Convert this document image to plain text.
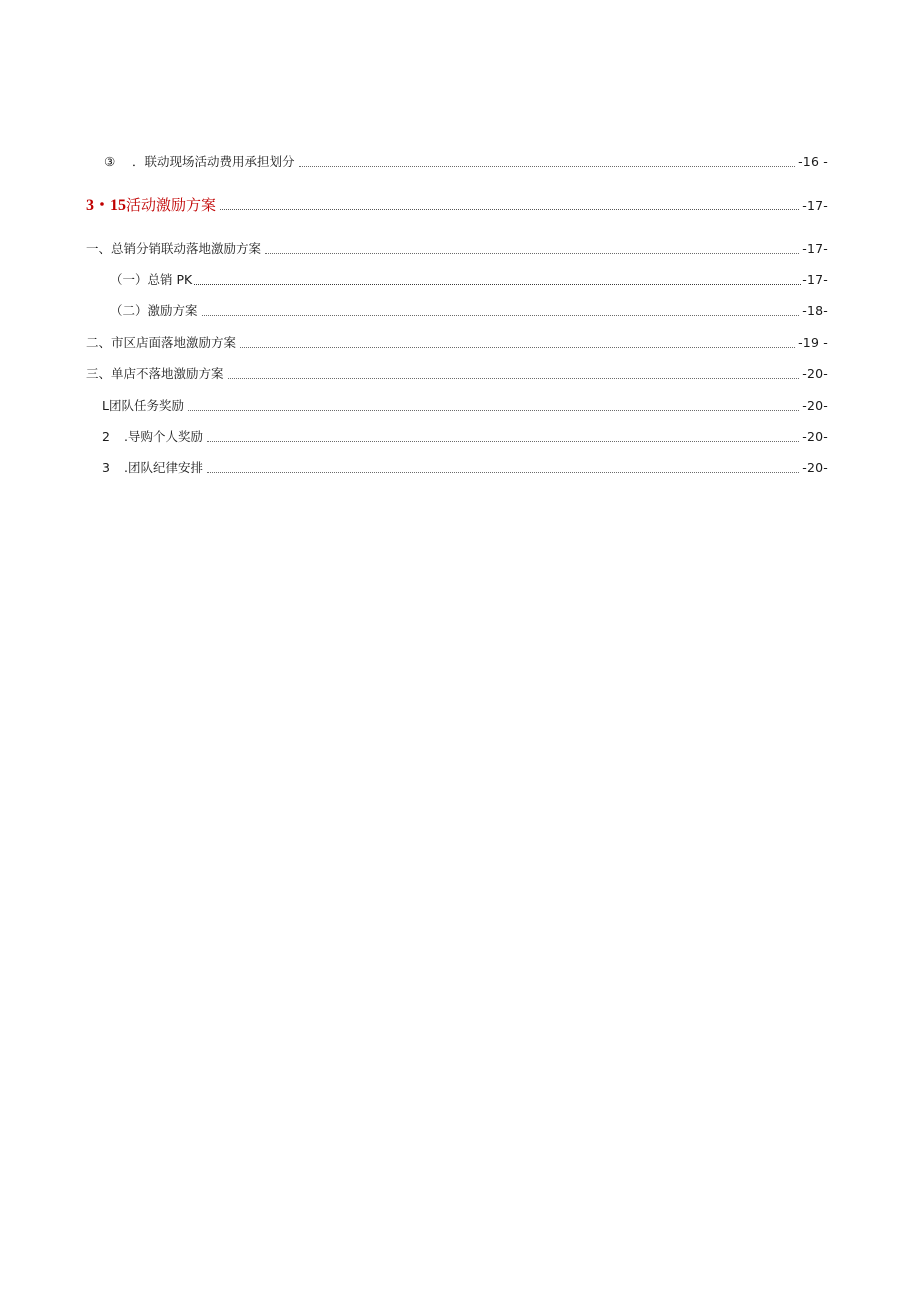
③	．联动现场活动费用承担划分	-16 -
3・15 活动激励方案	-17-
一、 总销分销联动落地激励方案	-17-
（一） 总销 PK	-17-
（二） 激励方案	-18-
二、 市区店面落地激励方案	-19 -
三、 单店不落地激励方案	-20-
L 团队任务奖励	-20-
2	.导购个人奖励	-20-
3	.团队纪律安排	-20-
